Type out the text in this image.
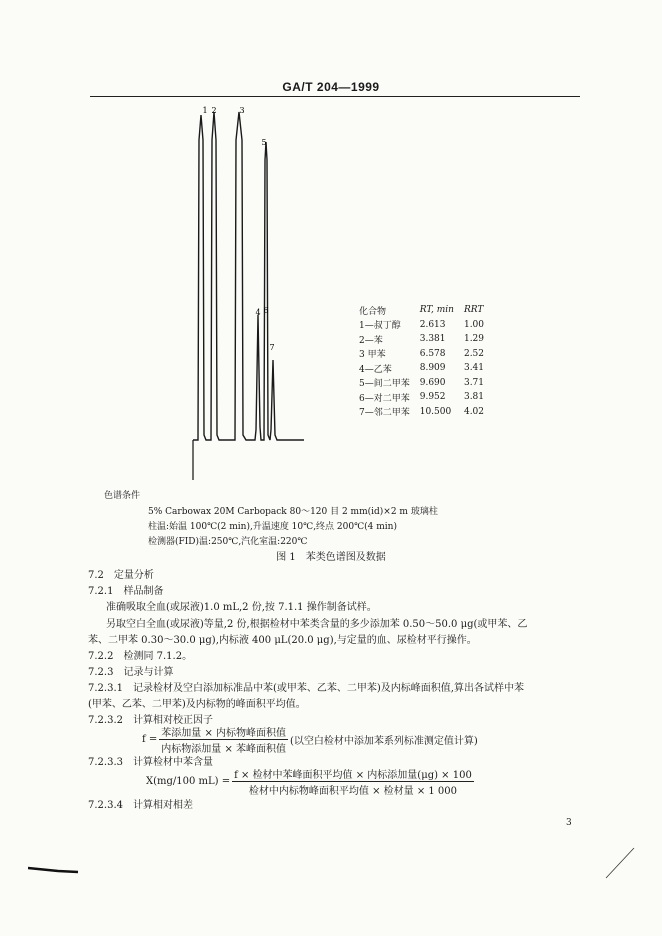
GA/T 204—1999
1 2	3
5
4 6
7
化合物	RT, min	RRT
1—叔丁醇	2.613	1.00
2—苯	3.381	1.29
3 甲苯	6.578	2.52
4—乙苯	8.909	3.41
5—间二甲苯	9.690	3.71
6—对二甲苯	9.952	3.81
7—邻二甲苯	10.500	4.02
色谱条件
5% Carbowax 20M Carbopack 80～120 目 2 mm(id)×2 m 玻璃柱
柱温:始温 100℃(2 min),升温速度 10℃,终点 200℃(4 min)
检测器(FID)温:250℃,汽化室温:220℃
图 1　苯类色谱图及数据
7.2　定量分析
7.2.1　样品制备
准确吸取全血(或尿液)1.0 mL,2 份,按 7.1.1 操作制备试样。
另取空白全血(或尿液)等量,2 份,根据检材中苯类含量的多少添加苯 0.50～50.0 μg(或甲苯、乙
苯、二甲苯 0.30～30.0 μg),内标液 400 μL(20.0 μg),与定量的血、尿检材平行操作。
7.2.2　检测同 7.1.2。
7.2.3　记录与计算
7.2.3.1　记录检材及空白添加标准品中苯(或甲苯、乙苯、二甲苯)及内标峰面积值,算出各试样中苯
(甲苯、乙苯、二甲苯)及内标物的峰面积平均值。
7.2.3.2　计算相对校正因子
$f = \frac{\text{苯添加量 × 内标物峰面积值}}{\text{内标物添加量 × 苯峰面积值}}$ (以空白检材中添加苯系列标准测定值计算)
7.2.3.3　计算检材中苯含量
X(mg/100 $mL) = \frac{\text{f × 检材中苯峰面积平均值 × 内标添加量(μg) × 100}}{\text{检材中内标物峰面积平均值 × 检材量 × 1 000}}$
7.2.3.4　计算相对相差
3
